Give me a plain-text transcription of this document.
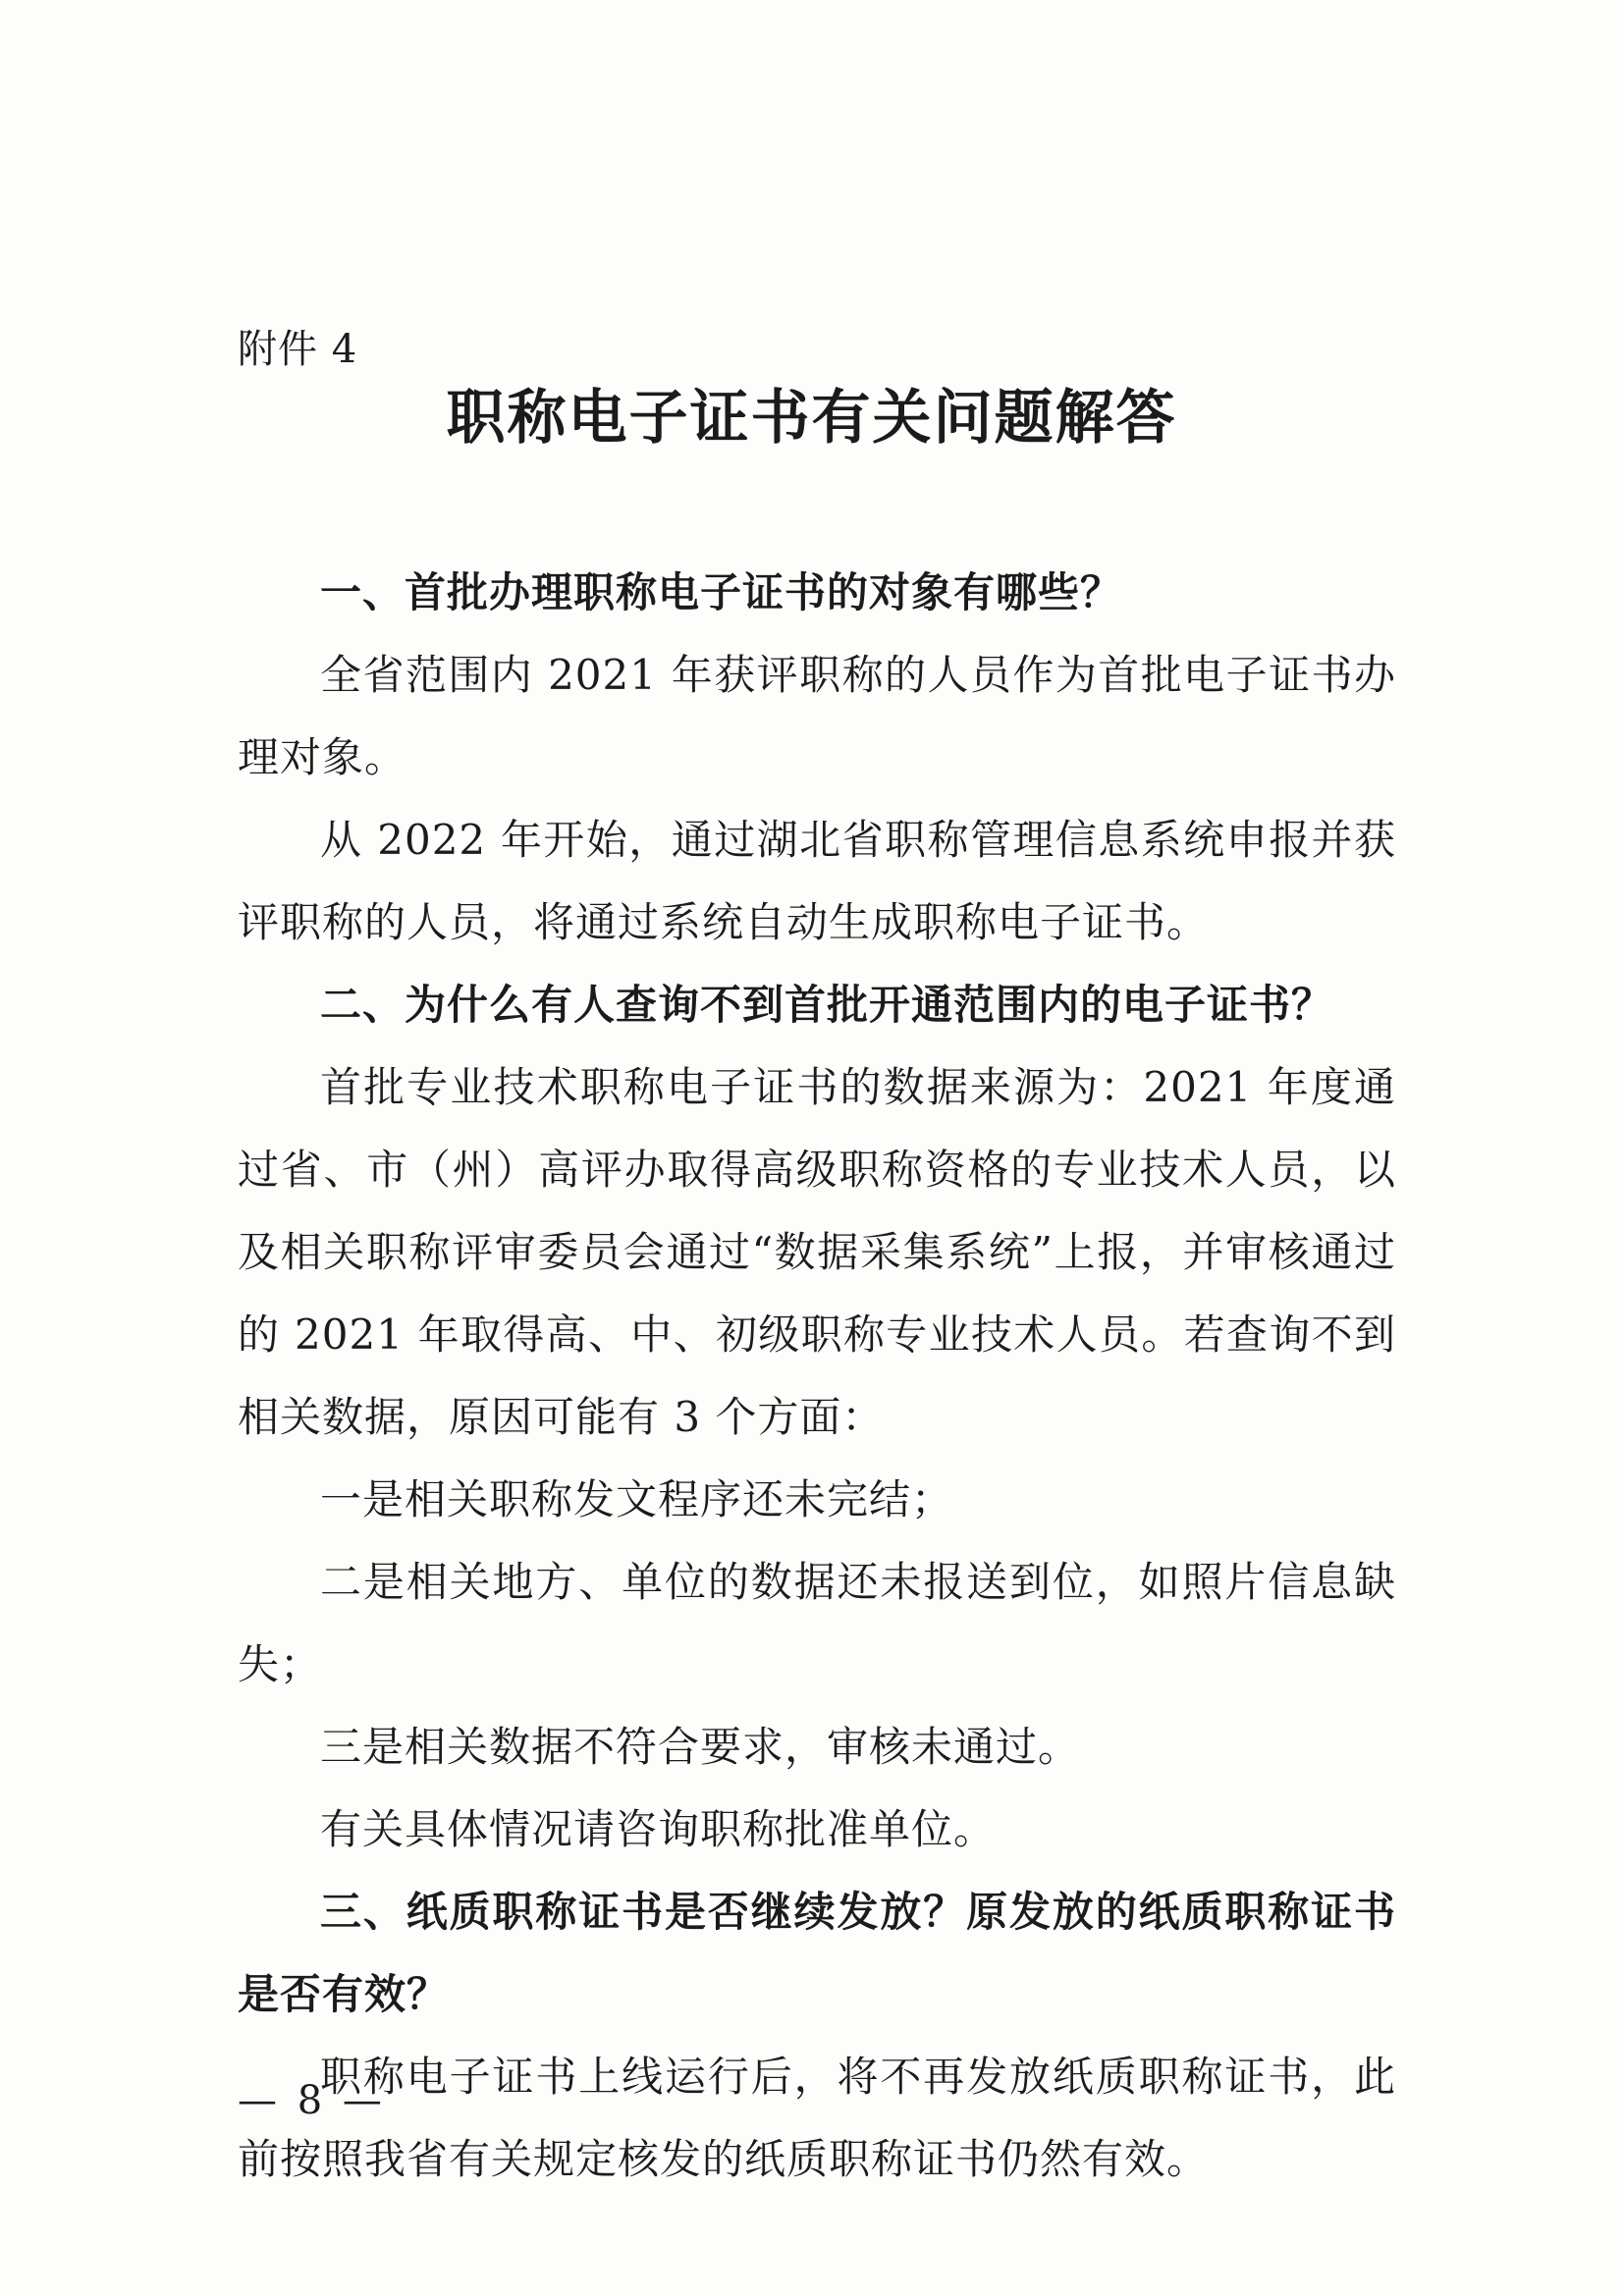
附件 4
职称电子证书有关问题解答

一、首批办理职称电子证书的对象有哪些？

全省范围内 2021 年获评职称的人员作为首批电子证书办理对象。

从 2022 年开始，通过湖北省职称管理信息系统申报并获评职称的人员，将通过系统自动生成职称电子证书。

二、为什么有人查询不到首批开通范围内的电子证书？

首批专业技术职称电子证书的数据来源为：2021 年度通过省、市（州）高评办取得高级职称资格的专业技术人员，以及相关职称评审委员会通过“数据采集系统”上报，并审核通过的 2021 年取得高、中、初级职称专业技术人员。若查询不到相关数据，原因可能有 3 个方面：

一是相关职称发文程序还未完结；

二是相关地方、单位的数据还未报送到位，如照片信息缺失；

三是相关数据不符合要求，审核未通过。

有关具体情况请咨询职称批准单位。

三、纸质职称证书是否继续发放？原发放的纸质职称证书是否有效？

职称电子证书上线运行后，将不再发放纸质职称证书，此前按照我省有关规定核发的纸质职称证书仍然有效。

— 8 —
